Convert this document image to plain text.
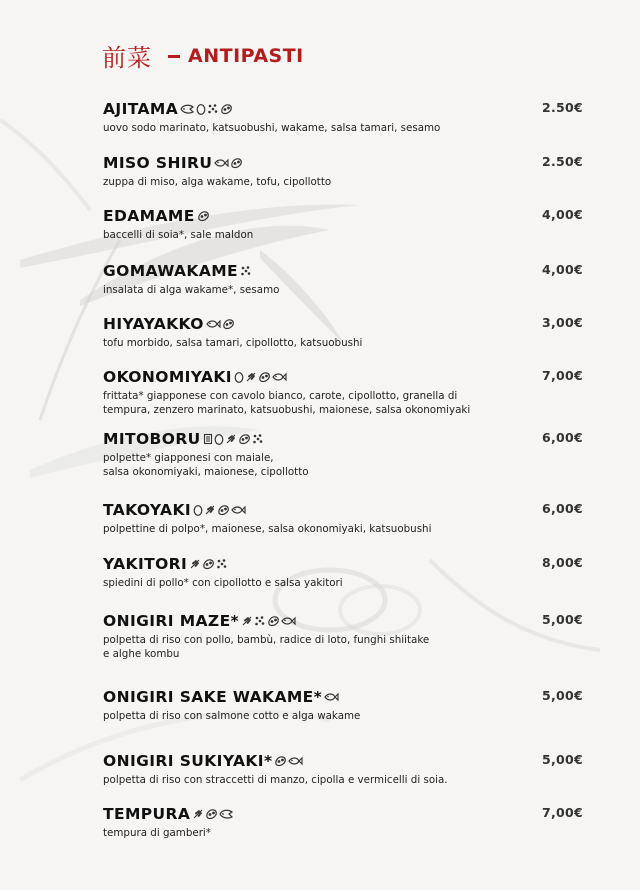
前菜 ANTIPASTI
AJITAMA
uovo sodo marinato, katsuobushi, wakame, salsa tamari, sesamo
2.50€
MISO SHIRU
zuppa di miso, alga wakame, tofu, cipollotto
2.50€
EDAMAME
baccelli di soia*, sale maldon
4,00€
GOMAWAKAME
insalata di alga wakame*, sesamo
4,00€
HIYAYAKKO
tofu morbido, salsa tamari, cipollotto, katsuobushi
3,00€
OKONOMIYAKI
frittata* giapponese con cavolo bianco, carote, cipollotto, granella di
tempura, zenzero marinato, katsuobushi, maionese, salsa okonomiyaki
7,00€
MITOBORU
polpette* giapponesi con maiale,
salsa okonomiyaki, maionese, cipollotto
6,00€
TAKOYAKI
polpettine di polpo*, maionese, salsa okonomiyaki, katsuobushi
6,00€
YAKITORI
spiedini di pollo* con cipollotto e salsa yakitori
8,00€
ONIGIRI MAZE*
polpetta di riso con pollo, bambù, radice di loto, funghi shiitake
e alghe kombu
5,00€
ONIGIRI SAKE WAKAME*
polpetta di riso con salmone cotto e alga wakame
5,00€
ONIGIRI SUKIYAKI*
polpetta di riso con straccetti di manzo, cipolla e vermicelli di soia.
5,00€
TEMPURA
tempura di gamberi*
7,00€
